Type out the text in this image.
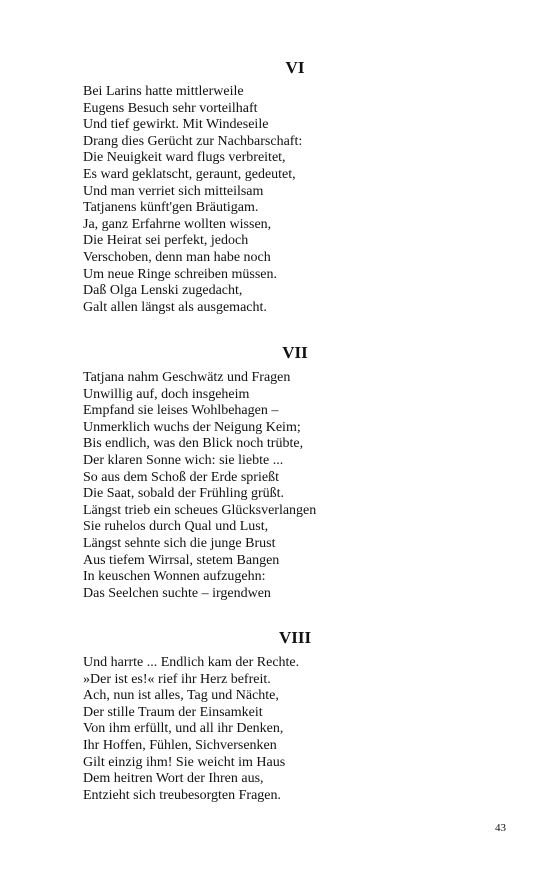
VI
Bei Larins hatte mittlerweile
Eugens Besuch sehr vorteilhaft
Und tief gewirkt. Mit Windeseile
Drang dies Gerücht zur Nachbarschaft:
Die Neuigkeit ward flugs verbreitet,
Es ward geklatscht, geraunt, gedeutet,
Und man verriet sich mitteilsam
Tatjanens künft'gen Bräutigam.
Ja, ganz Erfahrne wollten wissen,
Die Heirat sei perfekt, jedoch
Verschoben, denn man habe noch
Um neue Ringe schreiben müssen.
Daß Olga Lenski zugedacht,
Galt allen längst als ausgemacht.
VII
Tatjana nahm Geschwätz und Fragen
Unwillig auf, doch insgeheim
Empfand sie leises Wohlbehagen –
Unmerklich wuchs der Neigung Keim;
Bis endlich, was den Blick noch trübte,
Der klaren Sonne wich: sie liebte ...
So aus dem Schoß der Erde sprießt
Die Saat, sobald der Frühling grüßt.
Längst trieb ein scheues Glücksverlangen
Sie ruhelos durch Qual und Lust,
Längst sehnte sich die junge Brust
Aus tiefem Wirrsal, stetem Bangen
In keuschen Wonnen aufzugehn:
Das Seelchen suchte – irgendwen
VIII
Und harrte ... Endlich kam der Rechte.
»Der ist es!« rief ihr Herz befreit.
Ach, nun ist alles, Tag und Nächte,
Der stille Traum der Einsamkeit
Von ihm erfüllt, und all ihr Denken,
Ihr Hoffen, Fühlen, Sichversenken
Gilt einzig ihm! Sie weicht im Haus
Dem heitren Wort der Ihren aus,
Entzieht sich treubesorgten Fragen.
43
